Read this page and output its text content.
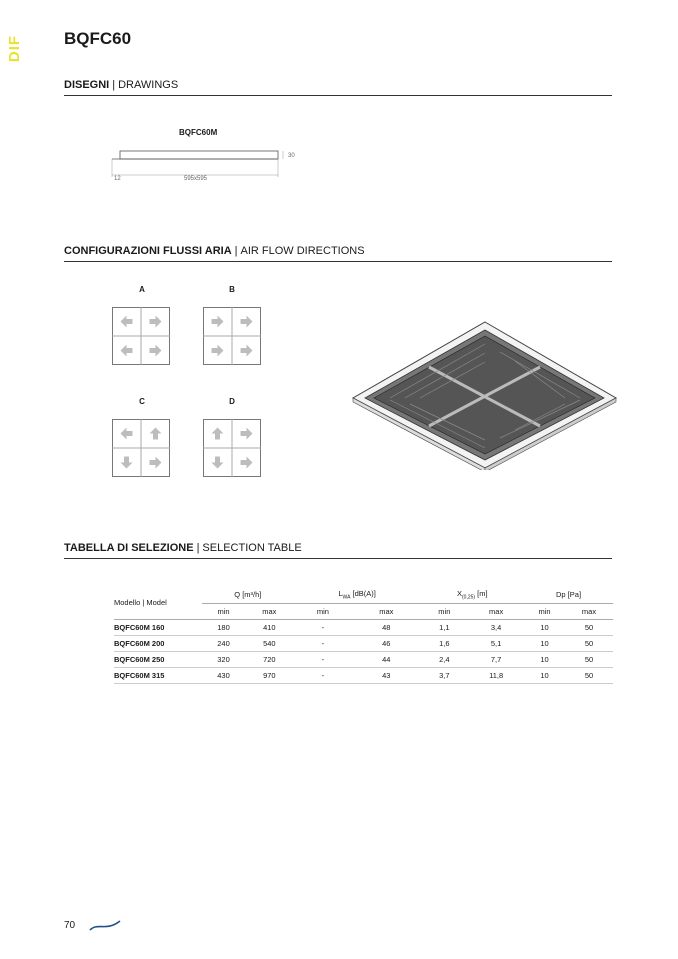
DIF BQFC60
DISEGNI | DRAWINGS
BQFC60M
30
12	595x595
CONFIGURAZIONI FLUSSI ARIA | AIR FLOW DIRECTIONS
A	B
C	D
TABELLA DI SELEZIONE | SELECTION TABLE
Modello | Model	Q [m³/h]		$L_{WA}$ [dB(A)]		$X_{(0,25)}$ [m]		Dp [Pa]	
	min	max	min	max	min	max	min	max
BQFC60M 160	180	410	-	48	1,1	3,4	10	50
BQFC60M 200	240	540	-	46	1,6	5,1	10	50
BQFC60M 250	320	720	-	44	2,4	7,7	10	50
BQFC60M 315	430	970	-	43	3,7	11,8	10	50
70
